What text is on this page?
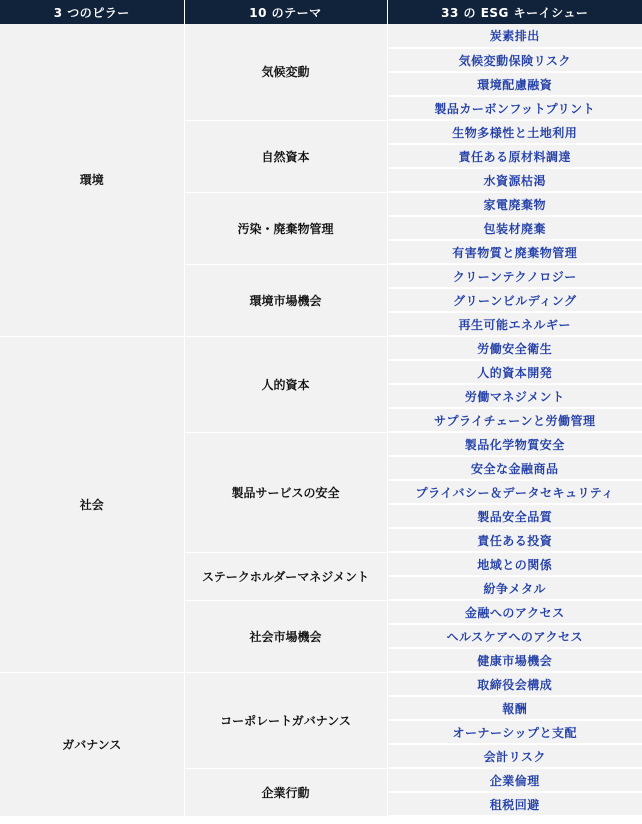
3 つのピラー	10 のテーマ	33 の ESG キーイシュー
環境	気候変動	炭素排出
		気候変動保険リスク
		環境配慮融資
		製品カーボンフットプリント
	自然資本	生物多様性と土地利用
		責任ある原材料調達
		水資源枯渇
	汚染・廃棄物管理	家電廃棄物
		包装材廃棄
		有害物質と廃棄物管理
	環境市場機会	クリーンテクノロジー
		グリーンビルディング
		再生可能エネルギー
社会	人的資本	労働安全衛生
		人的資本開発
		労働マネジメント
		サプライチェーンと労働管理
	製品サービスの安全	製品化学物質安全
		安全な金融商品
		プライバシー＆データセキュリティ
		製品安全品質
		責任ある投資
	ステークホルダーマネジメント	地域との関係
		紛争メタル
	社会市場機会	金融へのアクセス
		ヘルスケアへのアクセス
		健康市場機会
ガバナンス	コーポレートガバナンス	取締役会構成
		報酬
		オーナーシップと支配
		会計リスク
	企業行動	企業倫理
		租税回避
